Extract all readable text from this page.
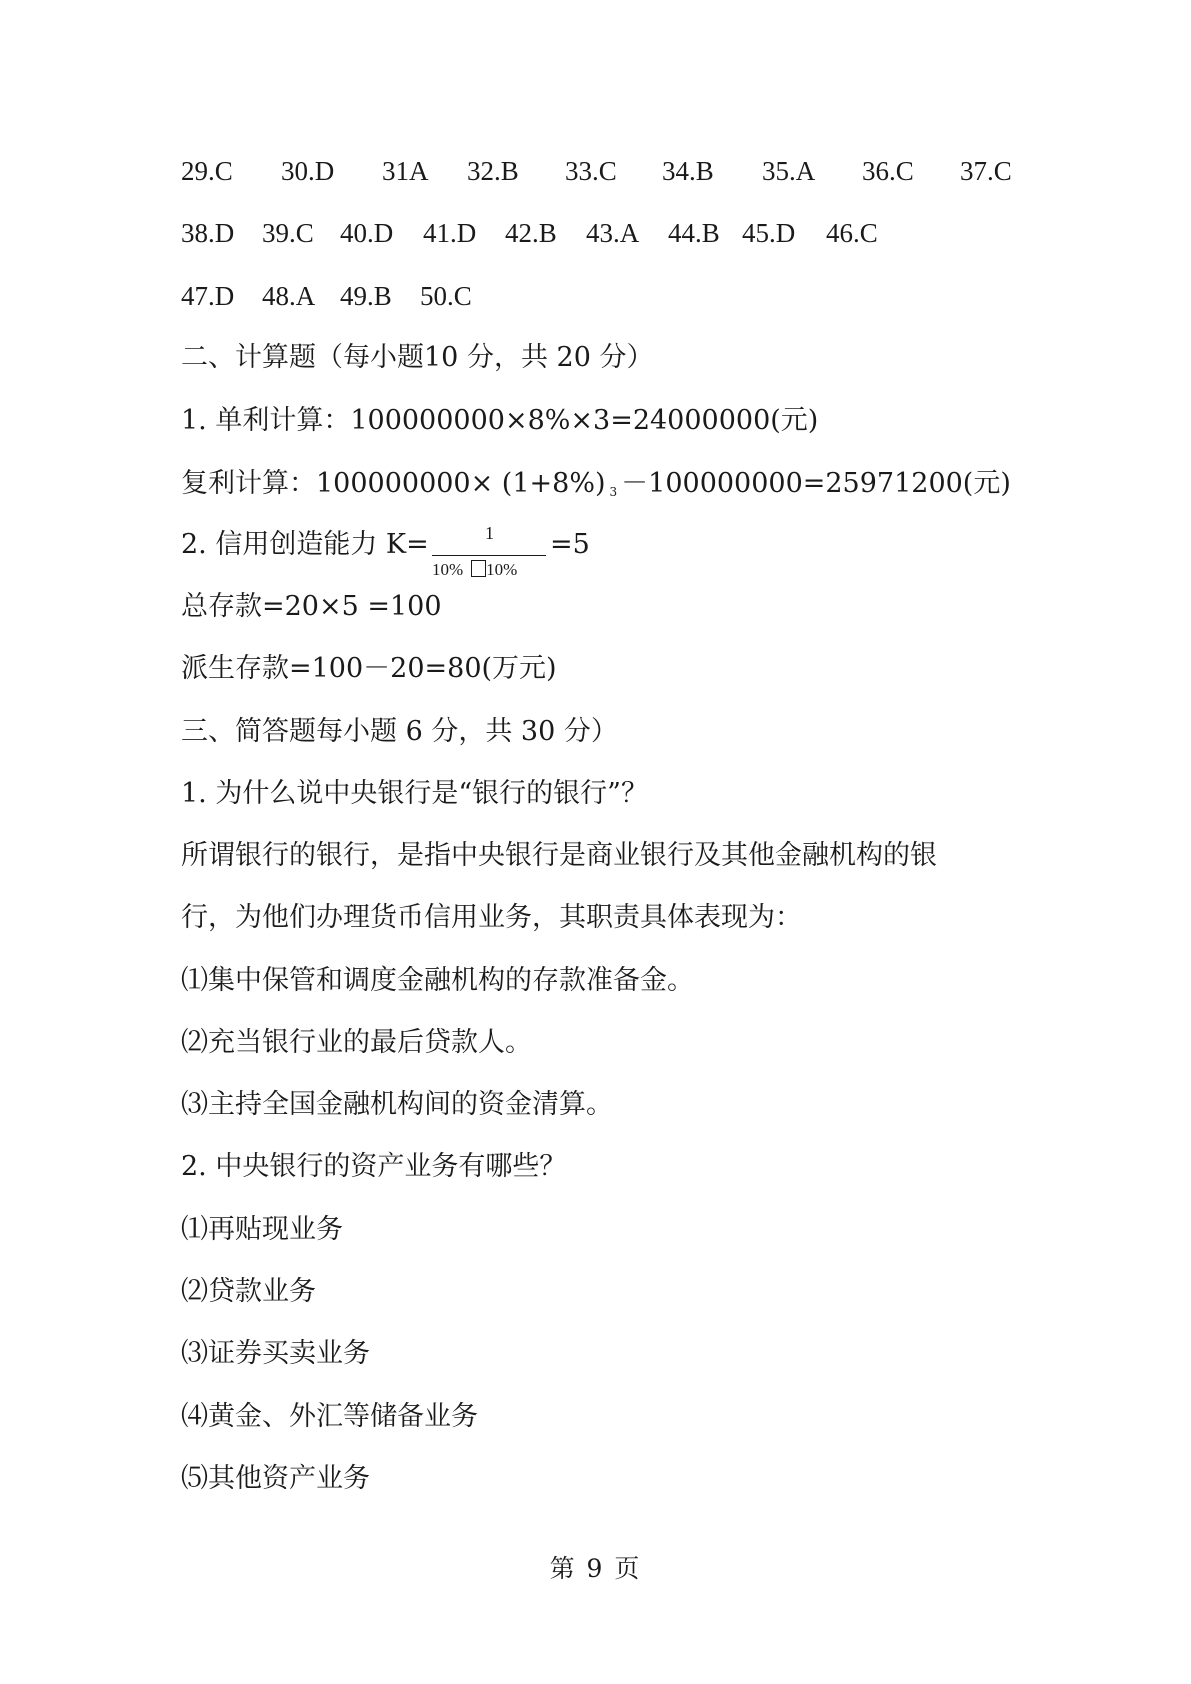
29.C 30.D 31A 32.B 33.C 34.B 35.A 36.C 37.C
38.D 39.C 40.D 41.D 42.B 43.A 44.B 45.D 46.C
47.D 48.A 49.B 50.C
二、计算题（每小题10 分，共 20 分）
1. 单利计算：100000000×8%×3=24000000(元)
复利计算：100000000× (1+8%) 3 －100000000=25971200(元)
2. 信用创造能力 K=	1
10% 10%
=5
总存款=20×5 =100
派生存款=100－20=80(万元)
三、简答题每小题 6 分，共 30 分）
1. 为什么说中央银行是“银行的银行”？
所谓银行的银行，是指中央银行是商业银行及其他金融机构的银
行，为他们办理货币信用业务，其职责具体表现为：
⑴集中保管和调度金融机构的存款准备金。
⑵充当银行业的最后贷款人。
⑶主持全国金融机构间的资金清算。
2. 中央银行的资产业务有哪些？
⑴再贴现业务
⑵贷款业务
⑶证券买卖业务
⑷黄金、外汇等储备业务
⑸其他资产业务
第 9 页
